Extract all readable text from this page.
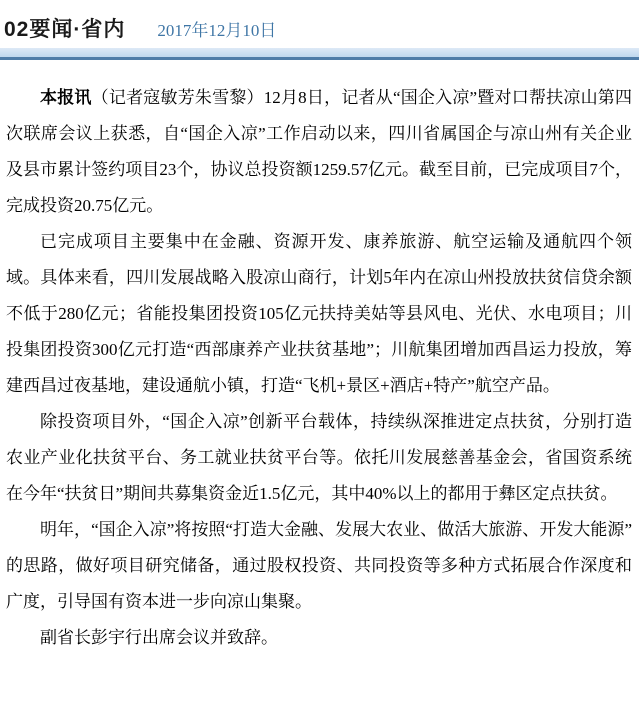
02要闻·省内 2017年12月10日

本报讯（记者寇敏芳朱雪黎）12月8日，记者从“国企入凉”暨对口帮扶凉山第四次联席会议上获悉，自“国企入凉”工作启动以来，四川省属国企与凉山州有关企业及县市累计签约项目23个，协议总投资额1259.57亿元。截至目前，已完成项目7个，完成投资20.75亿元。

已完成项目主要集中在金融、资源开发、康养旅游、航空运输及通航四个领域。具体来看，四川发展战略入股凉山商行，计划5年内在凉山州投放扶贫信贷余额不低于280亿元；省能投集团投资105亿元扶持美姑等县风电、光伏、水电项目；川投集团投资300亿元打造“西部康养产业扶贫基地”；川航集团增加西昌运力投放，筹建西昌过夜基地，建设通航小镇，打造“飞机+景区+酒店+特产”航空产品。

除投资项目外，“国企入凉”创新平台载体，持续纵深推进定点扶贫，分别打造农业产业化扶贫平台、务工就业扶贫平台等。依托川发展慈善基金会，省国资系统在今年“扶贫日”期间共募集资金近1.5亿元，其中40%以上的都用于彝区定点扶贫。

明年，“国企入凉”将按照“打造大金融、发展大农业、做活大旅游、开发大能源”的思路，做好项目研究储备，通过股权投资、共同投资等多种方式拓展合作深度和广度，引导国有资本进一步向凉山集聚。

副省长彭宇行出席会议并致辞。
